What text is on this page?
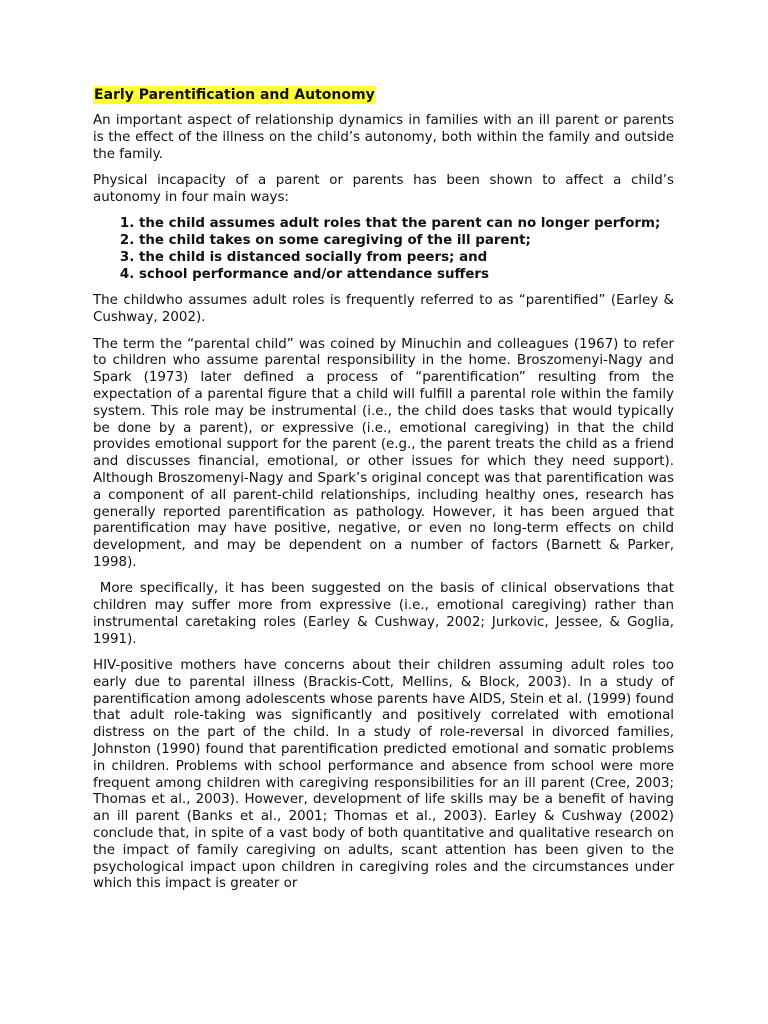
Early Parentification and Autonomy

An important aspect of relationship dynamics in families with an ill parent or parents is the effect of the illness on the child’s autonomy, both within the family and outside the family.

Physical incapacity of a parent or parents has been shown to affect a child’s autonomy in four main ways:

1. the child assumes adult roles that the parent can no longer perform;
2. the child takes on some caregiving of the ill parent;
3. the child is distanced socially from peers; and
4. school performance and/or attendance suffers

The childwho assumes adult roles is frequently referred to as “parentified” (Earley & Cushway, 2002).

The term the “parental child” was coined by Minuchin and colleagues (1967) to refer to children who assume parental responsibility in the home. Broszomenyi-Nagy and Spark (1973) later defined a process of “parentification” resulting from the expectation of a parental figure that a child will fulfill a parental role within the family system. This role may be instrumental (i.e., the child does tasks that would typically be done by a parent), or expressive (i.e., emotional caregiving) in that the child provides emotional support for the parent (e.g., the parent treats the child as a friend and discusses financial, emotional, or other issues for which they need support). Although Broszomenyi-Nagy and Spark’s original concept was that parentification was a component of all parent-child relationships, including healthy ones, research has generally reported parentification as pathology. However, it has been argued that parentification may have positive, negative, or even no long-term effects on child development, and may be dependent on a number of factors (Barnett & Parker, 1998).

More specifically, it has been suggested on the basis of clinical observations that children may suffer more from expressive (i.e., emotional caregiving) rather than instrumental caretaking roles (Earley & Cushway, 2002; Jurkovic, Jessee, & Goglia, 1991).

HIV-positive mothers have concerns about their children assuming adult roles too early due to parental illness (Brackis-Cott, Mellins, & Block, 2003). In a study of parentification among adolescents whose parents have AIDS, Stein et al. (1999) found that adult role-taking was significantly and positively correlated with emotional distress on the part of the child. In a study of role-reversal in divorced families, Johnston (1990) found that parentification predicted emotional and somatic problems in children. Problems with school performance and absence from school were more frequent among children with caregiving responsibilities for an ill parent (Cree, 2003; Thomas et al., 2003). However, development of life skills may be a benefit of having an ill parent (Banks et al., 2001; Thomas et al., 2003). Earley & Cushway (2002) conclude that, in spite of a vast body of both quantitative and qualitative research on the impact of family caregiving on adults, scant attention has been given to the psychological impact upon children in caregiving roles and the circumstances under which this impact is greater or
